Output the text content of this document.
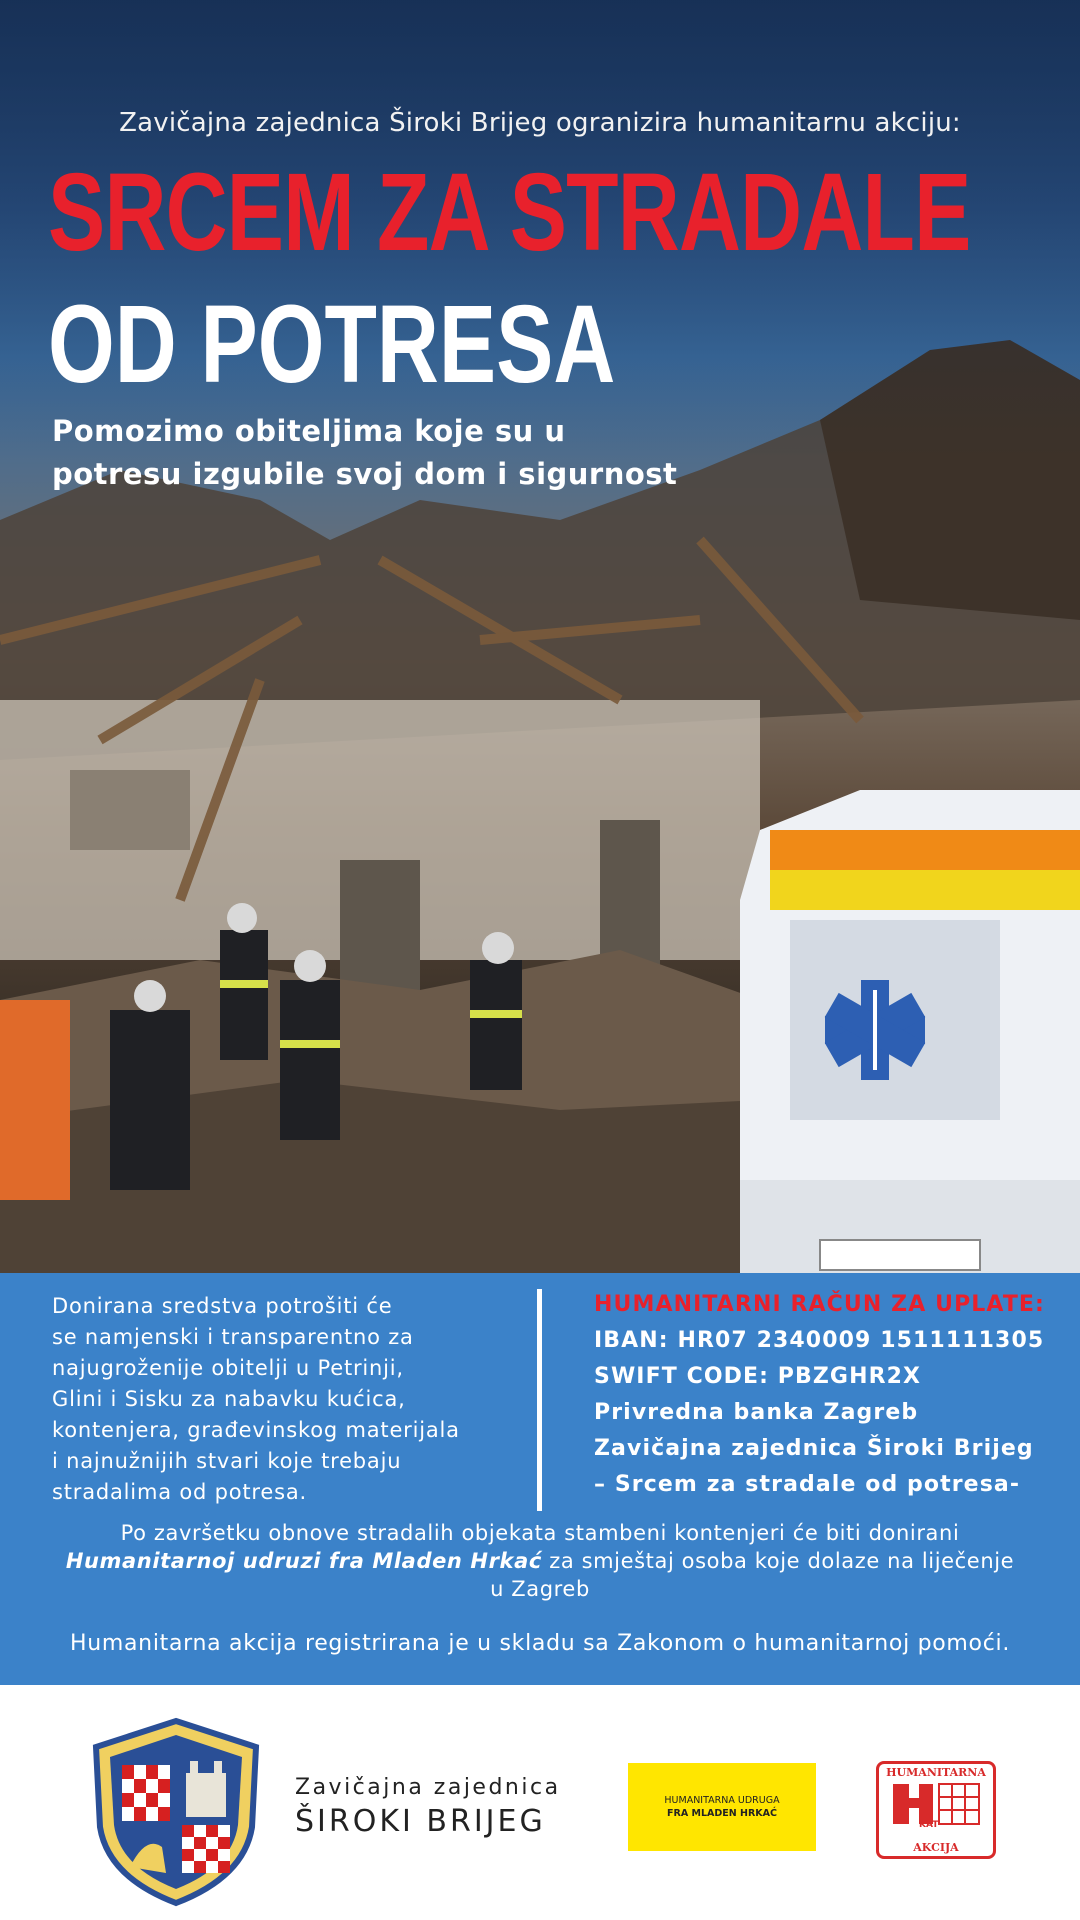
Zavičajna zajednica Široki Brijeg ogranizira humanitarnu akciju:
SRCEM ZA STRADALE
OD POTRESA
Pomozimo obiteljima koje su u
potresu izgubile svoj dom i sigurnost
Donirana sredstva potrošiti će
se namjenski i transparentno za
najugroženije obitelji u Petrinji,
Glini i Sisku za nabavku kućica,
kontenjera, građevinskog materijala
i najnužnijih stvari koje trebaju
stradalima od potresa.
HUMANITARNI RAČUN ZA UPLATE:
IBAN: HR07 2340009 1511111305
SWIFT CODE: PBZGHR2X
Privredna banka Zagreb
Zavičajna zajednica Široki Brijeg
– Srcem za stradale od potresa-
Po završetku obnove stradalih objekata stambeni kontenjeri će biti donirani
Humanitarnoj udruzi fra Mladen Hrkać za smještaj osoba koje dolaze na liječenje
u Zagreb
Humanitarna akcija registrirana je u skladu sa Zakonom o humanitarnoj pomoći.
Zavičajna zajednica
ŠIROKI BRIJEG
HUMANITARNA UDRUGA
FRA MLADEN HRKAĆ
HUMANITARNA
KAT
AKCIJA
